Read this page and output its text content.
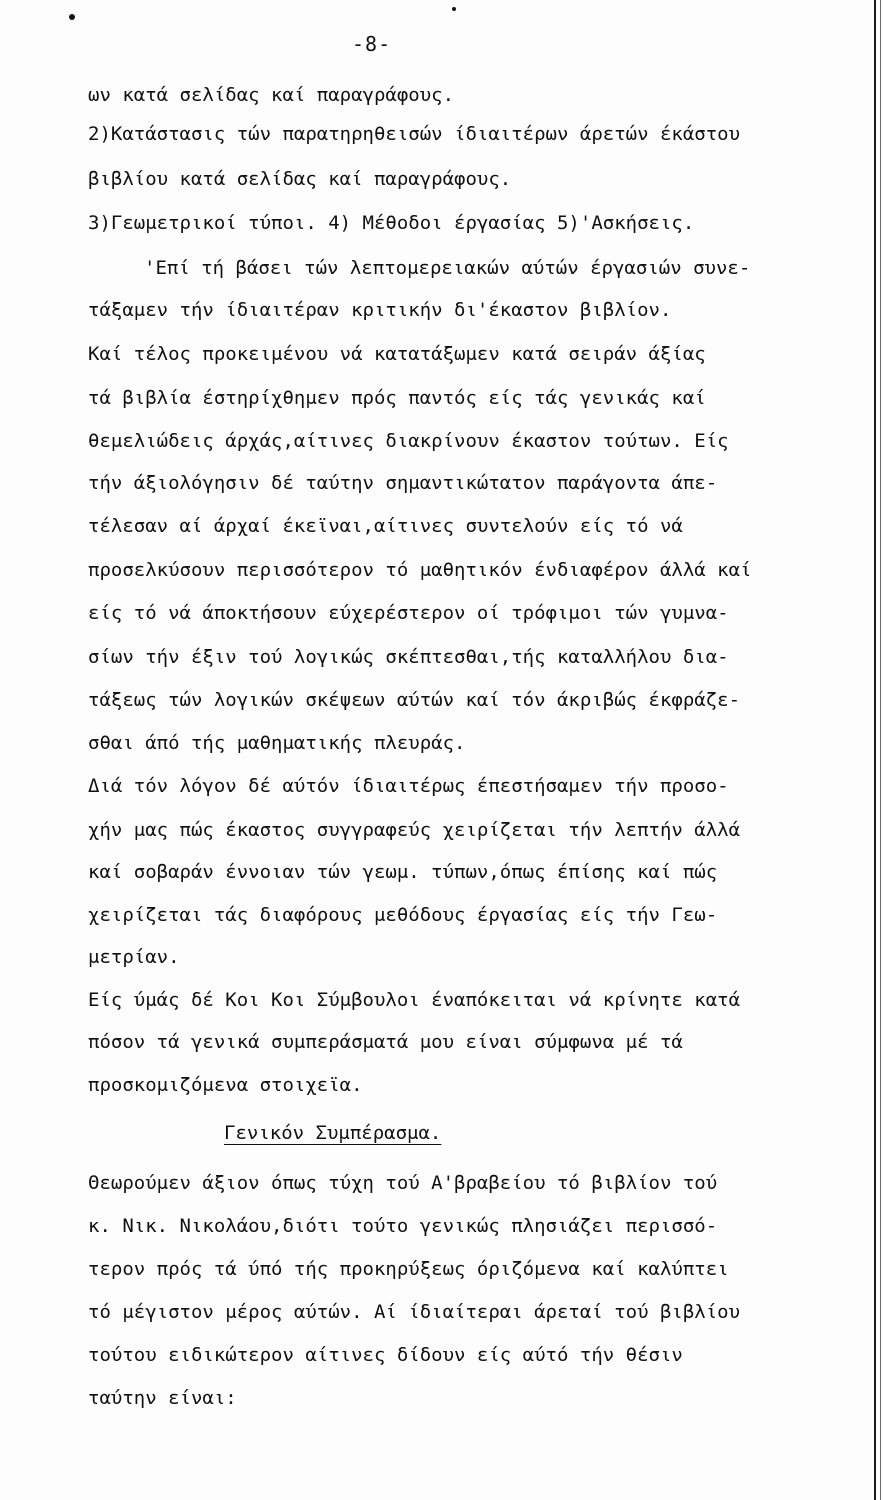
-8-
ων κατά σελίδας καί παραγράφους.
2)Κατάστασις τών παρατηρηθεισών ίδιαιτέρων άρετών έκάστου
βιβλίου κατά σελίδας καί παραγράφους.
3)Γεωμετρικοί τύποι. 4) Μέθοδοι έργασίας 5)'Ασκήσεις.
'Επί τή βάσει τών λεπτομερειακών αύτών έργασιών συνε-
τάξαμεν τήν ίδιαιτέραν κριτικήν δι'έκαστον βιβλίον.
Καί τέλος προκειμένου νά κατατάξωμεν κατά σειράν άξίας
τά βιβλία έστηρίχθημεν πρός παντός είς τάς γενικάς καί
θεμελιώδεις άρχάς,αίτινες διακρίνουν έκαστον τούτων. Είς
τήν άξιολόγησιν δέ ταύτην σημαντικώτατον παράγοντα άπε-
τέλεσαν αί άρχαί έκεϊναι,αίτινες συντελούν είς τό νά
προσελκύσουν περισσότερον τό μαθητικόν ένδιαφέρον άλλά καί
είς τό νά άποκτήσουν εύχερέστερον οί τρόφιμοι τών γυμνα-
σίων τήν έξιν τού λογικώς σκέπτεσθαι,τής καταλλήλου δια-
τάξεως τών λογικών σκέψεων αύτών καί τόν άκριβώς έκφράζε-
σθαι άπό τής μαθηματικής πλευράς.
Διά τόν λόγον δέ αύτόν ίδιαιτέρως έπεστήσαμεν τήν προσο-
χήν μας πώς έκαστος συγγραφεύς χειρίζεται τήν λεπτήν άλλά
καί σοβαράν έννοιαν τών γεωμ. τύπων,όπως έπίσης καί πώς
χειρίζεται τάς διαφόρους μεθόδους έργασίας είς τήν Γεω-
μετρίαν.
Είς ύμάς δέ Κοι Κοι Σύμβουλοι έναπόκειται νά κρίνητε κατά
πόσον τά γενικά συμπεράσματά μου είναι σύμφωνα μέ τά
προσκομιζόμενα στοιχεϊα.
Γενικόν Συμπέρασμα.
Θεωρούμεν άξιον όπως τύχη τού Α'βραβείου τό βιβλίον τού
κ. Νικ. Νικολάου,διότι τούτο γενικώς πλησιάζει περισσό-
τερον πρός τά ύπό τής προκηρύξεως όριζόμενα καί καλύπτει
τό μέγιστον μέρος αύτών. Αί ίδιαίτεραι άρεταί τού βιβλίου
τούτου ειδικώτερον αίτινες δίδουν είς αύτό τήν θέσιν
ταύτην είναι:
